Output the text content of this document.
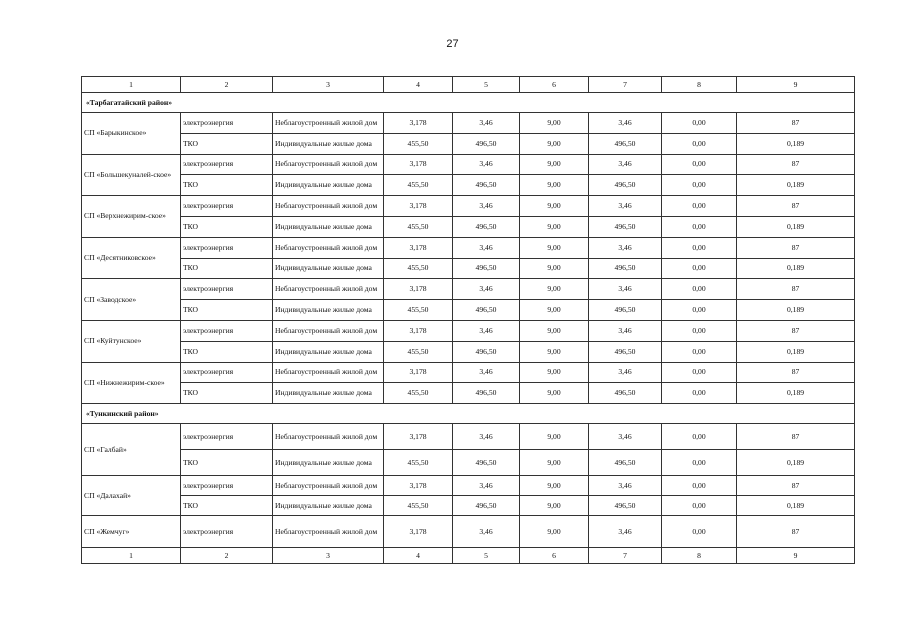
27
1	2	3	4	5	6	7	8	9
«Тарбагатайский район»								
СП «Барыкинское»	электроэнергия	Неблагоустроенный жилой дом	3,178	3,46	9,00	3,46	0,00	87
	ТКО	Индивидуальные жилые дома	455,50	496,50	9,00	496,50	0,00	0,189
СП «Большекуналей-ское»	электроэнергия	Неблагоустроенный жилой дом	3,178	3,46	9,00	3,46	0,00	87
	ТКО	Индивидуальные жилые дома	455,50	496,50	9,00	496,50	0,00	0,189
СП «Верхнежирим-ское»	электроэнергия	Неблагоустроенный жилой дом	3,178	3,46	9,00	3,46	0,00	87
	ТКО	Индивидуальные жилые дома	455,50	496,50	9,00	496,50	0,00	0,189
СП «Десятниковское»	электроэнергия	Неблагоустроенный жилой дом	3,178	3,46	9,00	3,46	0,00	87
	ТКО	Индивидуальные жилые дома	455,50	496,50	9,00	496,50	0,00	0,189
СП «Заводское»	электроэнергия	Неблагоустроенный жилой дом	3,178	3,46	9,00	3,46	0,00	87
	ТКО	Индивидуальные жилые дома	455,50	496,50	9,00	496,50	0,00	0,189
СП «Куйтунское»	электроэнергия	Неблагоустроенный жилой дом	3,178	3,46	9,00	3,46	0,00	87
	ТКО	Индивидуальные жилые дома	455,50	496,50	9,00	496,50	0,00	0,189
СП «Нижнежирим-ское»	электроэнергия	Неблагоустроенный жилой дом	3,178	3,46	9,00	3,46	0,00	87
	ТКО	Индивидуальные жилые дома	455,50	496,50	9,00	496,50	0,00	0,189
«Тункинский район»								
СП «Галбай»	электроэнергия	Неблагоустроенный жилой дом	3,178	3,46	9,00	3,46	0,00	87
	ТКО	Индивидуальные жилые дома	455,50	496,50	9,00	496,50	0,00	0,189
СП «Далахай»	электроэнергия	Неблагоустроенный жилой дом	3,178	3,46	9,00	3,46	0,00	87
	ТКО	Индивидуальные жилые дома	455,50	496,50	9,00	496,50	0,00	0,189
СП «Жемчуг»	электроэнергия	Неблагоустроенный жилой дом	3,178	3,46	9,00	3,46	0,00	87
1	2	3	4	5	6	7	8	9
